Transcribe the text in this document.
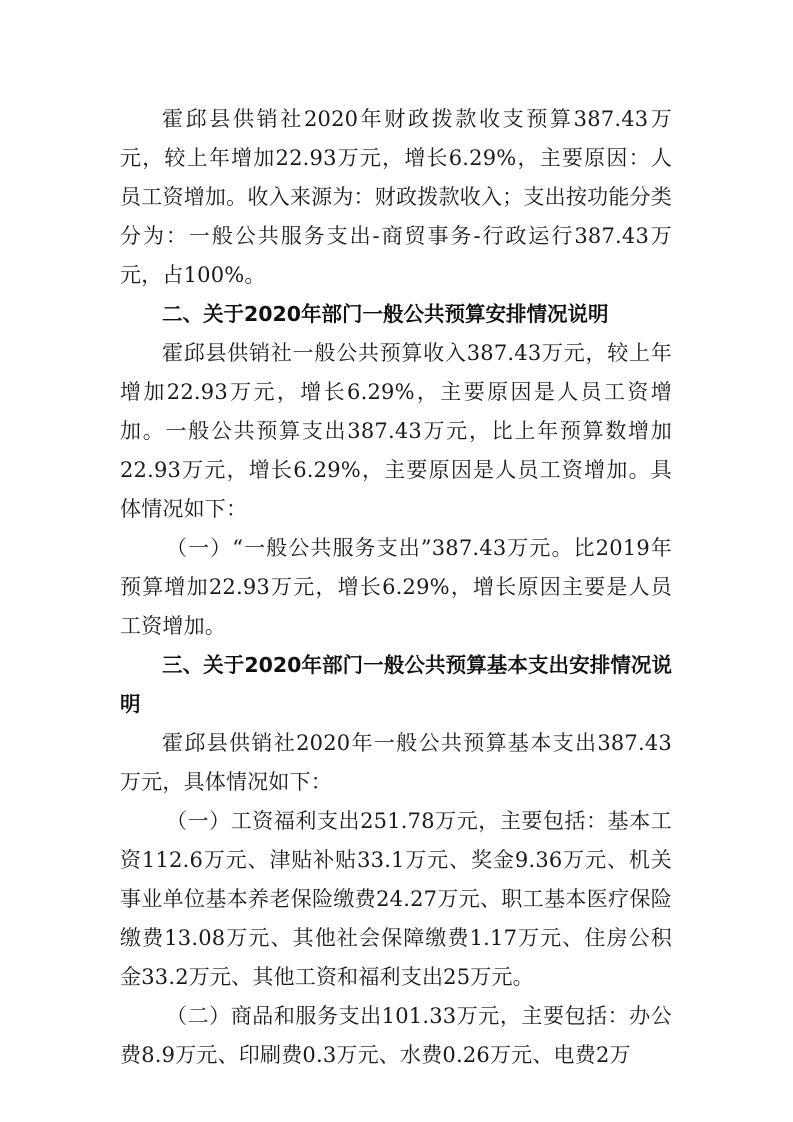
霍邱县供销社2020年财政拨款收支预算387.43万元，较上年增加22.93万元，增长6.29%，主要原因：人员工资增加。收入来源为：财政拨款收入；支出按功能分类分为：一般公共服务支出-商贸事务-行政运行387.43万元，占100%。

二、关于2020年部门一般公共预算安排情况说明

霍邱县供销社一般公共预算收入387.43万元，较上年增加22.93万元，增长6.29%，主要原因是人员工资增加。一般公共预算支出387.43万元，比上年预算数增加22.93万元，增长6.29%，主要原因是人员工资增加。具体情况如下：

（一）“一般公共服务支出”387.43万元。比2019年预算增加22.93万元，增长6.29%，增长原因主要是人员工资增加。

三、关于2020年部门一般公共预算基本支出安排情况说明

霍邱县供销社2020年一般公共预算基本支出387.43万元，具体情况如下：

（一）工资福利支出251.78万元，主要包括：基本工资112.6万元、津贴补贴33.1万元、奖金9.36万元、机关事业单位基本养老保险缴费24.27万元、职工基本医疗保险缴费13.08万元、其他社会保障缴费1.17万元、住房公积金33.2万元、其他工资和福利支出25万元。

（二）商品和服务支出101.33万元，主要包括：办公费8.9万元、印刷费0.3万元、水费0.26万元、电费2万
